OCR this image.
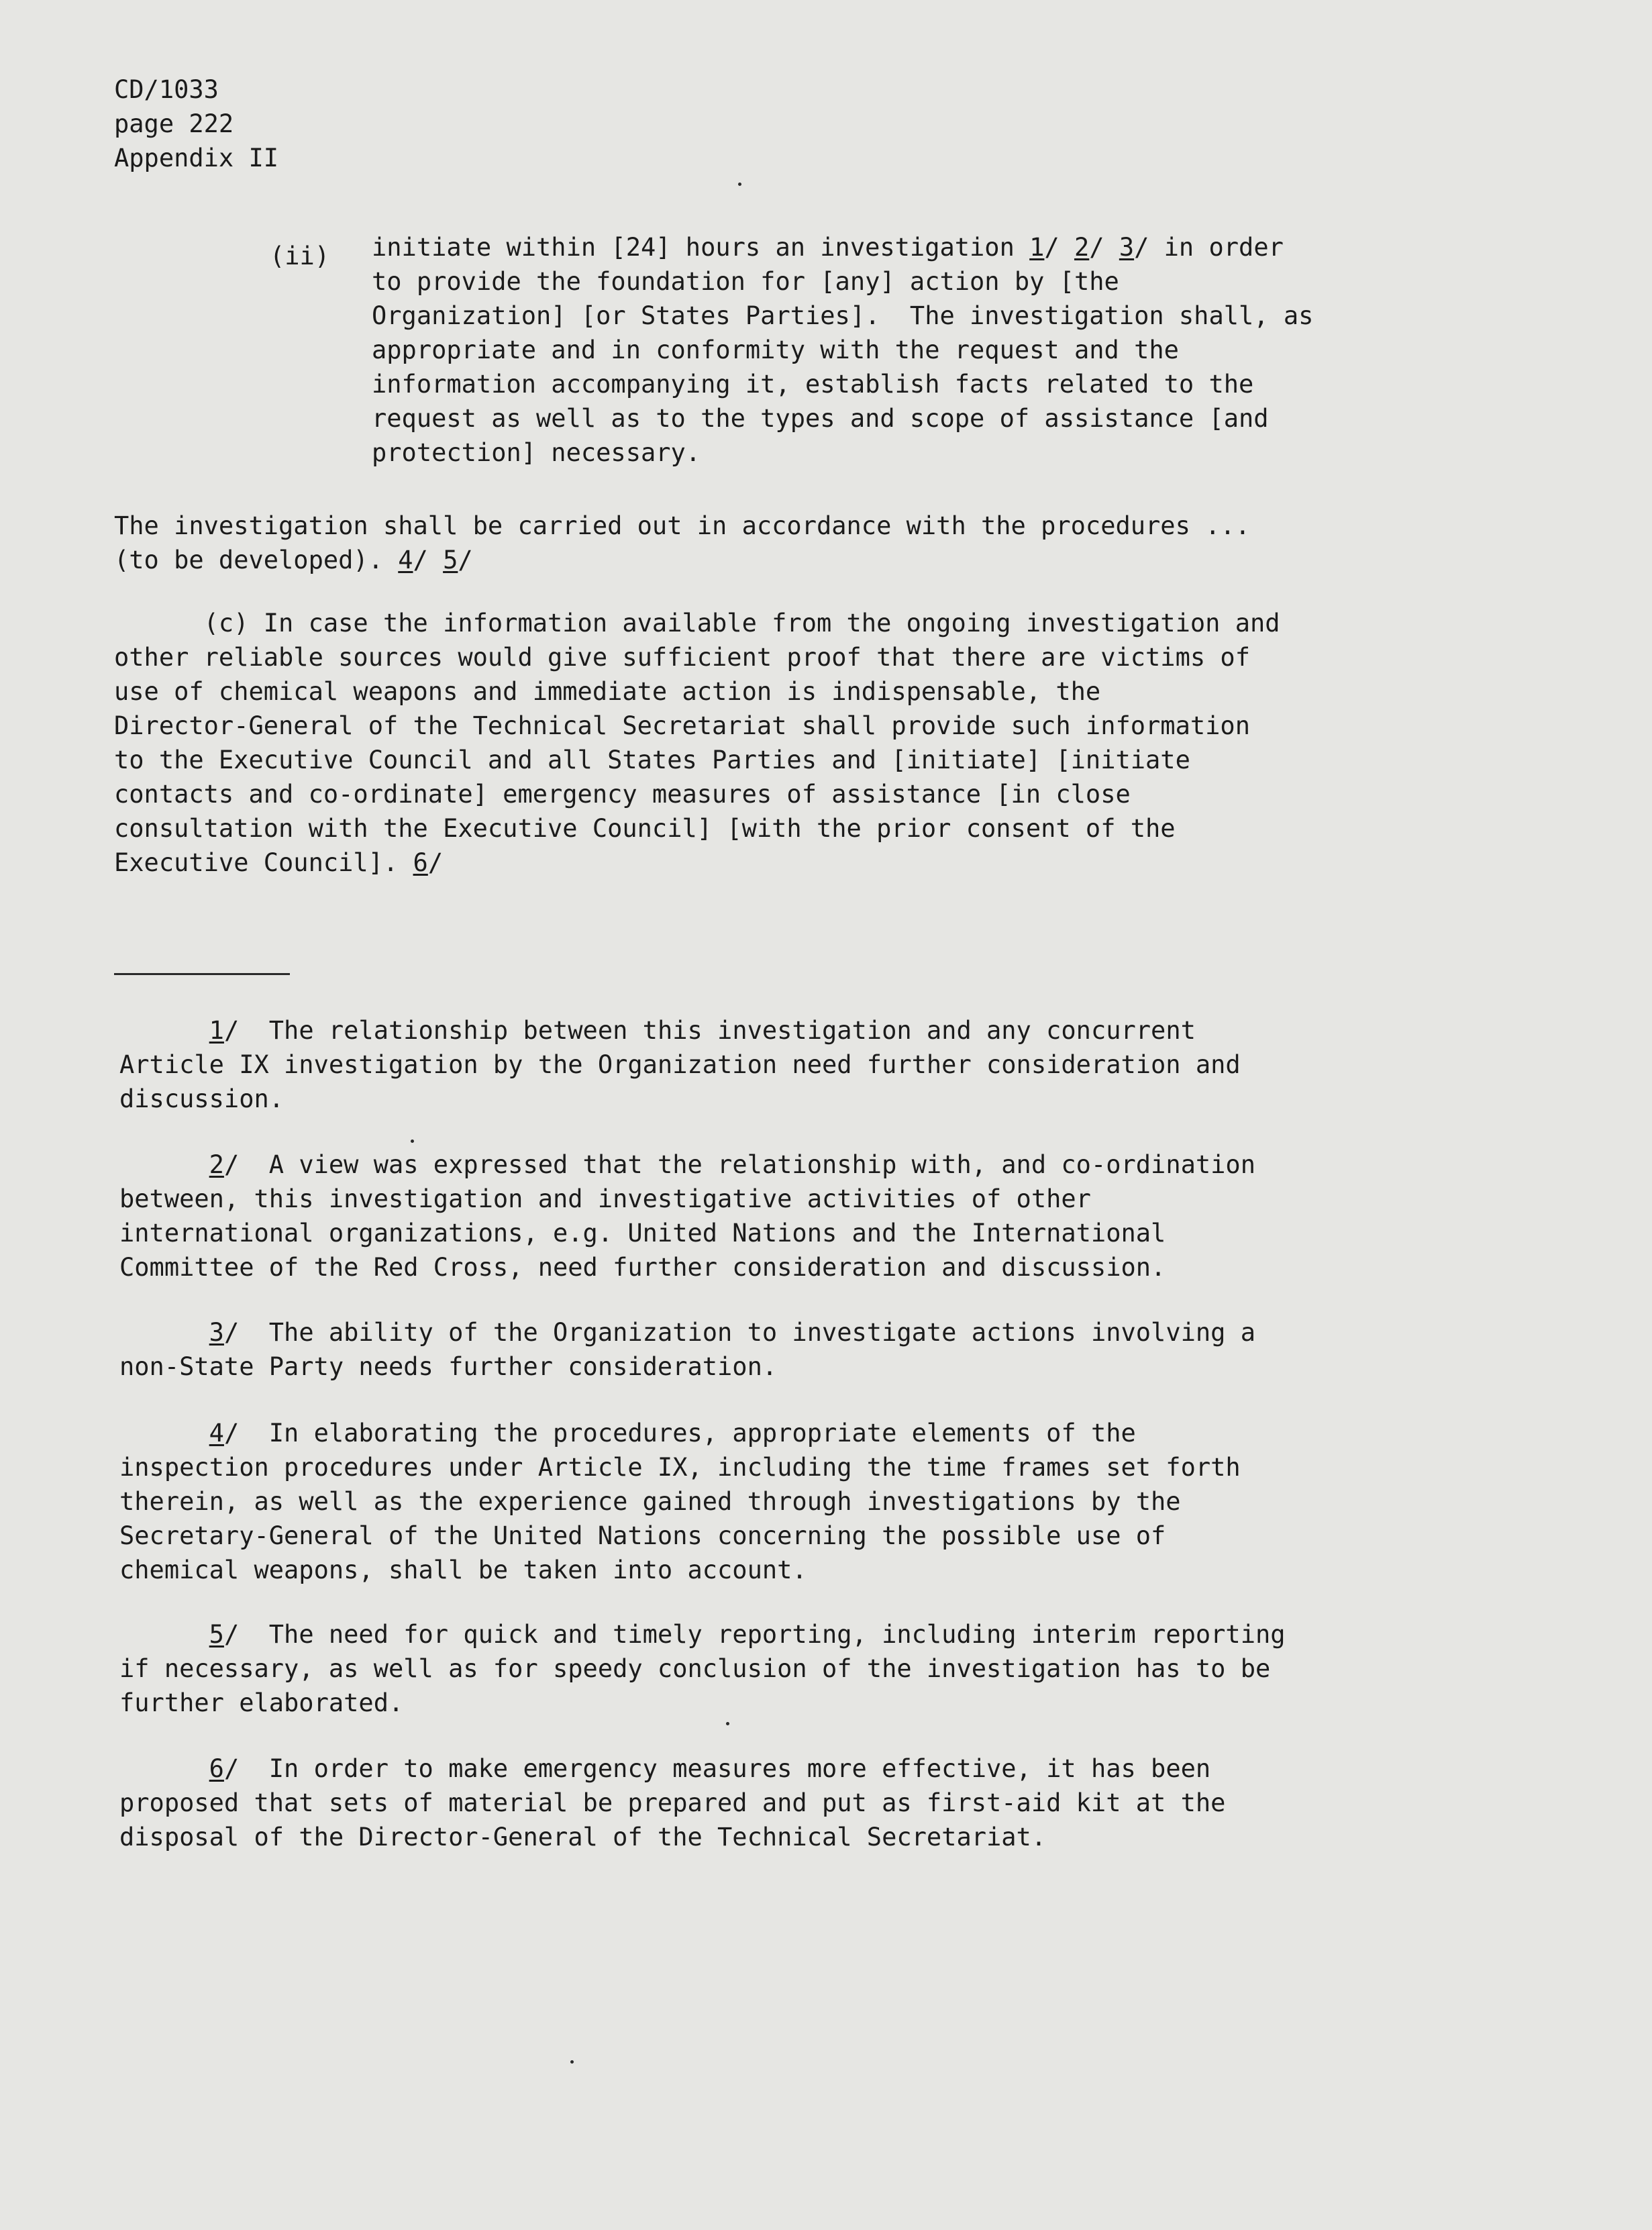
CD/1033
page 222
Appendix II
(ii) initiate within [24] hours an investigation 1/ 2/ 3/ in order
to provide the foundation for [any] action by [the
Organization] [or States Parties].  The investigation shall, as
appropriate and in conformity with the request and the
information accompanying it, establish facts related to the
request as well as to the types and scope of assistance [and
protection] necessary.
The investigation shall be carried out in accordance with the procedures ...
(to be developed). 4/ 5/
(c) In case the information available from the ongoing investigation and
other reliable sources would give sufficient proof that there are victims of
use of chemical weapons and immediate action is indispensable, the
Director-General of the Technical Secretariat shall provide such information
to the Executive Council and all States Parties and [initiate] [initiate
contacts and co-ordinate] emergency measures of assistance [in close
consultation with the Executive Council] [with the prior consent of the
Executive Council]. 6/
1/  The relationship between this investigation and any concurrent
Article IX investigation by the Organization need further consideration and
discussion.
2/  A view was expressed that the relationship with, and co-ordination
between, this investigation and investigative activities of other
international organizations, e.g. United Nations and the International
Committee of the Red Cross, need further consideration and discussion.
3/  The ability of the Organization to investigate actions involving a
non-State Party needs further consideration.
4/  In elaborating the procedures, appropriate elements of the
inspection procedures under Article IX, including the time frames set forth
therein, as well as the experience gained through investigations by the
Secretary-General of the United Nations concerning the possible use of
chemical weapons, shall be taken into account.
5/  The need for quick and timely reporting, including interim reporting
if necessary, as well as for speedy conclusion of the investigation has to be
further elaborated.
6/  In order to make emergency measures more effective, it has been
proposed that sets of material be prepared and put as first-aid kit at the
disposal of the Director-General of the Technical Secretariat.
